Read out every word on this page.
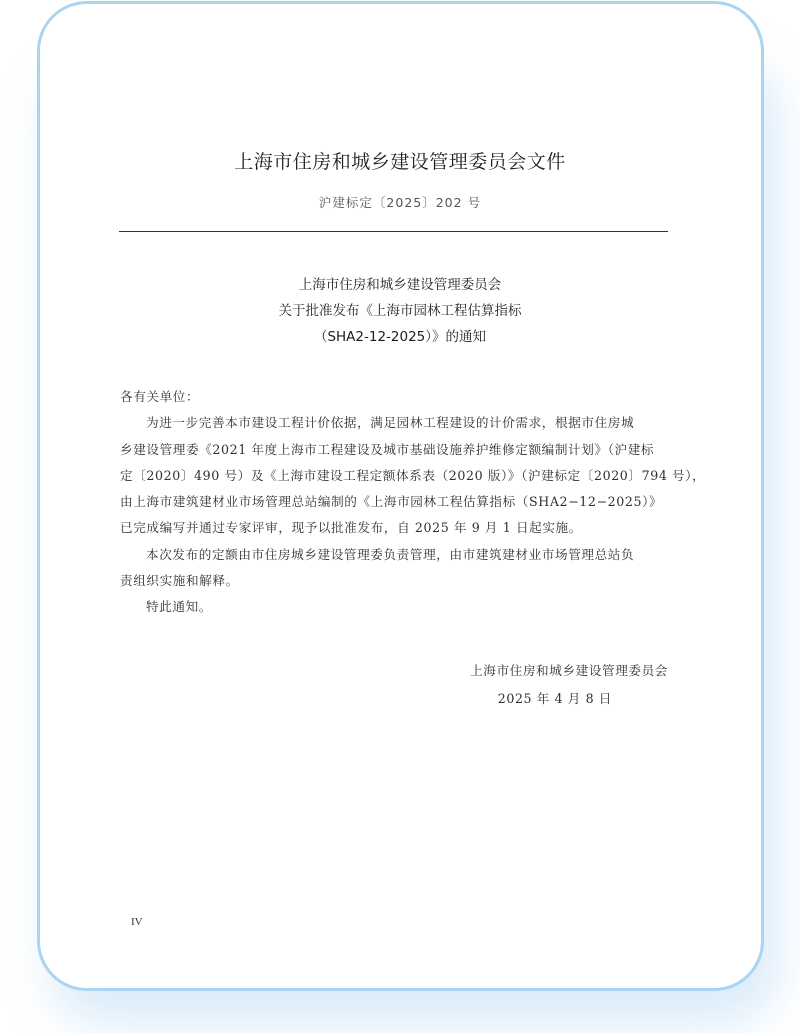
上海市住房和城乡建设管理委员会文件
沪建标定〔2025〕202 号
上海市住房和城乡建设管理委员会
关于批准发布《上海市园林工程估算指标
（SHA2-12-2025）》的通知
各有关单位：
为进一步完善本市建设工程计价依据，满足园林工程建设的计价需求，根据市住房城
乡建设管理委《2021 年度上海市工程建设及城市基础设施养护维修定额编制计划》（沪建标
定〔2020〕490 号）及《上海市建设工程定额体系表（2020 版）》（沪建标定〔2020〕794 号），
由上海市建筑建材业市场管理总站编制的《上海市园林工程估算指标（SHA2−12−2025）》
已完成编写并通过专家评审，现予以批准发布，自 2025 年 9 月 1 日起实施。
本次发布的定额由市住房城乡建设管理委负责管理，由市建筑建材业市场管理总站负
责组织实施和解释。
特此通知。
上海市住房和城乡建设管理委员会
2025 年 4 月 8 日
IV
